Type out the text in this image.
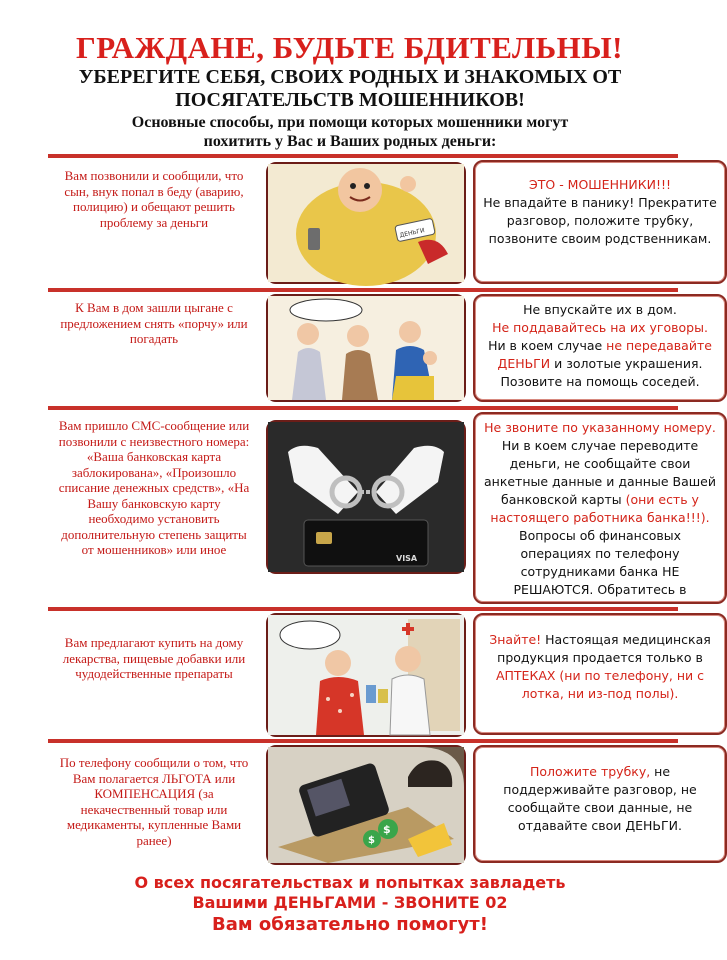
ГРАЖДАНЕ, БУДЬТЕ БДИТЕЛЬНЫ!
УБЕРЕГИТЕ СЕБЯ, СВОИХ РОДНЫХ И ЗНАКОМЫХ ОТ
ПОСЯГАТЕЛЬСТВ МОШЕННИКОВ!
Основные способы, при помощи которых мошенники могут
похитить у Вас и Ваших родных деньги:
Вам позвонили и сообщили, что сын, внук попал в беду (аварию, полицию) и обещают решить проблему за деньги
ДЕНЬГИ
ЭТО - МОШЕННИКИ!!!
Не впадайте в панику! Прекратите разговор, положите трубку, позвоните своим родственникам.
К Вам в дом зашли цыгане с предложением снять «порчу» или погадать
Не впускайте их в дом.
Не поддавайтесь на их уговоры.
Ни в коем случае не передавайте ДЕНЬГИ и золотые украшения. Позовите на помощь соседей.
Вам пришло СМС-сообщение или позвонили с неизвестного номера: «Ваша банковская карта заблокирована», «Произошло списание денежных средств», «На Вашу банковскую карту необходимо установить дополнительную степень защиты от мошенников» или иное
VISA
Не звоните по указанному номеру. Ни в коем случае переводите деньги, не сообщайте свои анкетные данные и данные Вашей банковской карты (они есть у настоящего работника банка!!!).
Вопросы об финансовых операциях по телефону сотрудниками банка НЕ РЕШАЮТСЯ. Обратитесь в
Вам предлагают купить на дому лекарства, пищевые добавки или чудодейственные препараты
Знайте! Настоящая медицинская продукция продается только в АПТЕКАХ (ни по телефону, ни с лотка, ни из-под полы).
По телефону сообщили о том, что Вам полагается ЛЬГОТА или КОМПЕНСАЦИЯ (за некачественный товар или медикаменты, купленные Вами ранее)
$
$
Положите трубку, не поддерживайте разговор, не сообщайте свои данные, не отдавайте свои ДЕНЬГИ.
О всех посягательствах и попытках завладеть
Вашими ДЕНЬГАМИ - ЗВОНИТЕ 02
Вам обязательно помогут!
